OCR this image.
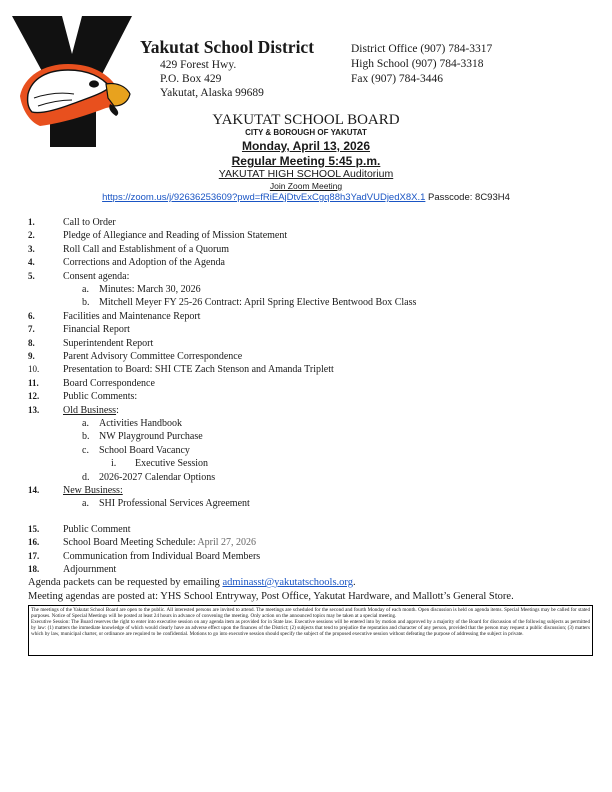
Yakutat School District
429 Forest Hwy.
P.O. Box 429
Yakutat, Alaska 99689
District Office (907) 784-3317
High School (907) 784-3318
Fax (907) 784-3446
YAKUTAT SCHOOL BOARD
CITY & BOROUGH OF YAKUTAT
Monday, April 13, 2026
Regular Meeting 5:45 p.m.
YAKUTAT HIGH SCHOOL Auditorium
Join Zoom Meeting
https://zoom.us/j/92636253609?pwd=fRiEAjDtvExCgq88h3YadVUDjedX8X.1 Passcode: 8C93H4
1.	Call to Order
2.	Pledge of Allegiance and Reading of Mission Statement
3.	Roll Call and Establishment of a Quorum
4.	Corrections and Adoption of the Agenda
5.	Consent agenda:
a. Minutes: March 30, 2026
b. Mitchell Meyer FY 25-26 Contract: April Spring Elective Bentwood Box Class
6.	Facilities and Maintenance Report
7.	Financial Report
8.	Superintendent Report
9.	Parent Advisory Committee Correspondence
10. Presentation to Board: SHI CTE Zach Stenson and Amanda Triplett
11. Board Correspondence
12. Public Comments:
13. Old Business:
a. Activities Handbook
b. NW Playground Purchase
c. School Board Vacancy
i. Executive Session
d. 2026-2027 Calendar Options
14. New Business:
a. SHI Professional Services Agreement
15. Public Comment
16. School Board Meeting Schedule: April 27, 2026
17. Communication from Individual Board Members
18. Adjournment
Agenda packets can be requested by emailing adminasst@yakutatschools.org.
Meeting agendas are posted at: YHS School Entryway, Post Office, Yakutat Hardware, and Mallott’s General Store.

The meetings of the Yakutat School Board are open to the public. All interested persons are invited to attend. The meetings are scheduled for the second and fourth Monday of each month. Open discussion is held on agenda items. Special Meetings may be called for stated purposes. Notice of Special Meetings will be posted at least 24 hours in advance of convening the meeting. Only action on the announced topics may be taken at a special meeting.

Executive Session: The Board reserves the right to enter into executive session on any agenda item as provided for in State law. Executive sessions will be entered into by motion and approved by a majority of the Board for discussion of the following subjects as permitted by law: (1) matters the immediate knowledge of which would clearly have an adverse effect upon the finances of the District; (2) subjects that tend to prejudice the reputation and character of any person, provided that the person may request a public discussion; (3) matters which by law, municipal charter, or ordinance are required to be confidential. Motions to go into executive session should specify the subject of the proposed executive session without defeating the purpose of addressing the subject in private.
